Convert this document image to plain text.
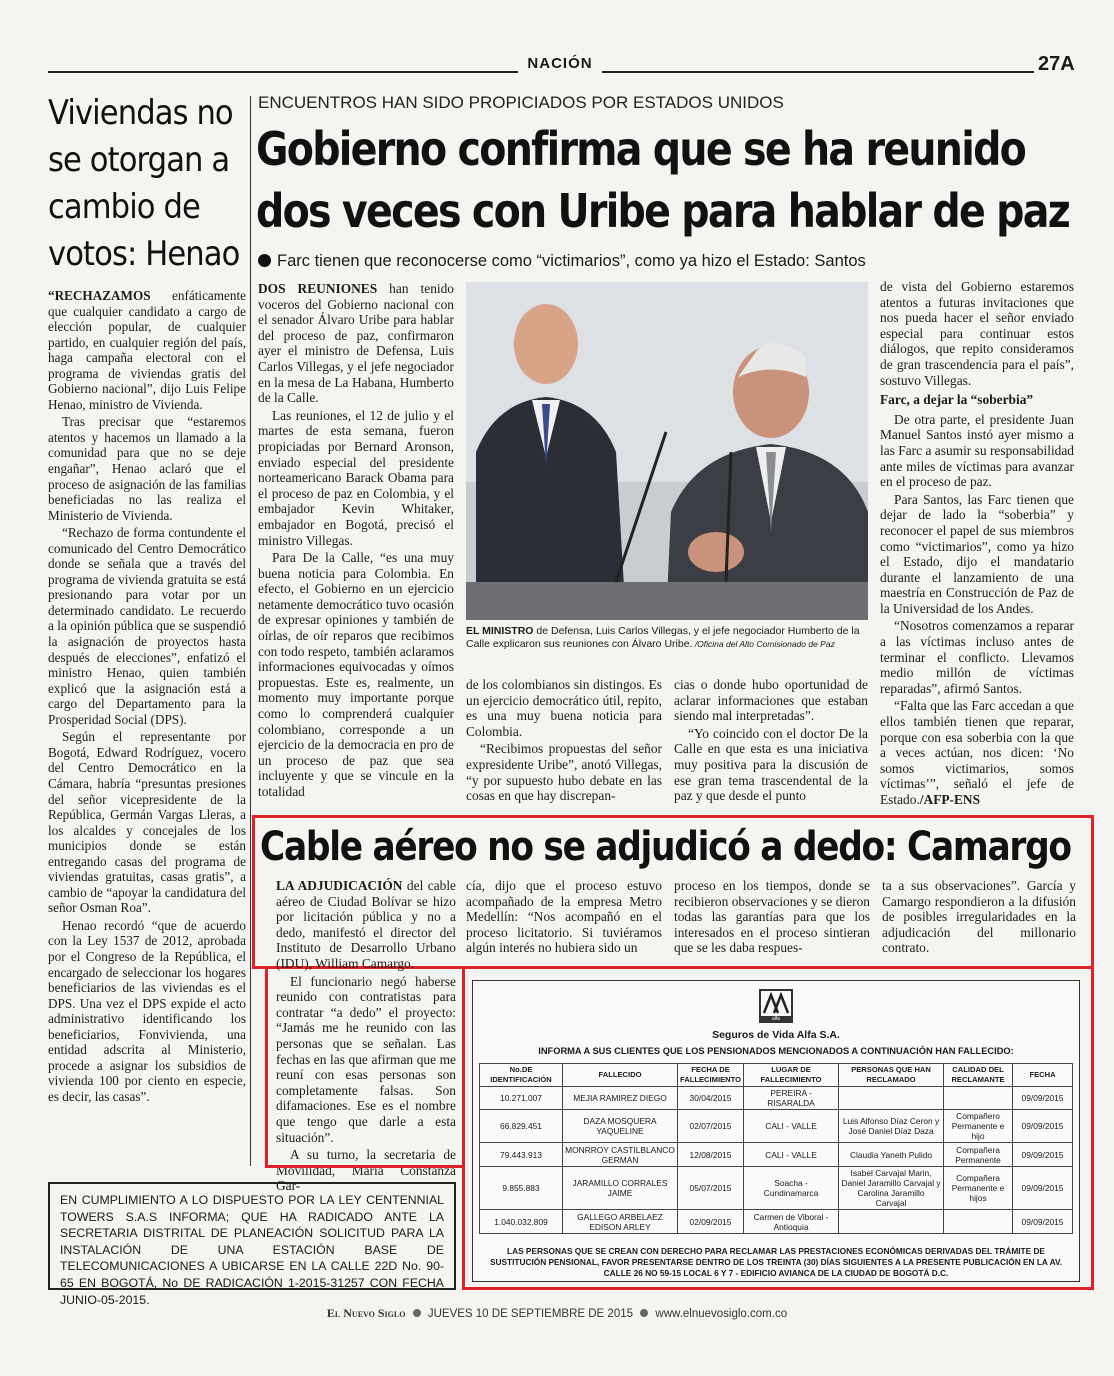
NACIÓN	27A
Viviendas no se otorgan a cambio de votos: Henao

“RECHAZAMOS enfáticamente que cualquier candidato a cargo de elección popular, de cualquier partido, en cualquier región del país, haga campaña electoral con el programa de viviendas gratis del Gobierno nacional”, dijo Luis Felipe Henao, ministro de Vivienda.

Tras precisar que “estaremos atentos y hacemos un llamado a la comunidad para que no se deje engañar”, Henao aclaró que el proceso de asignación de las familias beneficiadas no las realiza el Ministerio de Vivienda.

“Rechazo de forma contundente el comunicado del Centro Democrático donde se señala que a través del programa de vivienda gratuita se está presionando para votar por un determinado candidato. Le recuerdo a la opinión pública que se suspendió la asignación de proyectos hasta después de elecciones”, enfatizó el ministro Henao, quien también explicó que la asignación está a cargo del Departamento para la Prosperidad Social (DPS).

Según el representante por Bogotá, Edward Rodríguez, vocero del Centro Democrático en la Cámara, habría “presuntas presiones del señor vicepresidente de la República, Germán Vargas Lleras, a los alcaldes y concejales de los municipios donde se están entregando casas del programa de viviendas gratuitas, casas gratis”, a cambio de “apoyar la candidatura del señor Osman Roa”.

Henao recordó “que de acuerdo con la Ley 1537 de 2012, aprobada por el Congreso de la República, el encargado de seleccionar los hogares beneficiarios de las viviendas es el DPS. Una vez el DPS expide el acto administrativo identificando los beneficiarios, Fonvivienda, una entidad adscrita al Ministerio, procede a asignar los subsidios de vivienda 100 por ciento en especie, es decir, las casas”.

ENCUENTROS HAN SIDO PROPICIADOS POR ESTADOS UNIDOS
Gobierno confirma que se ha reunido
dos veces con Uribe para hablar de paz
Farc tienen que reconocerse como “victimarios”, como ya hizo el Estado: Santos

DOS REUNIONES han tenido voceros del Gobierno nacional con el senador Álvaro Uribe para hablar del proceso de paz, confirmaron ayer el ministro de Defensa, Luis Carlos Villegas, y el jefe negociador en la mesa de La Habana, Humberto de la Calle.

Las reuniones, el 12 de julio y el martes de esta semana, fueron propiciadas por Bernard Aronson, enviado especial del presidente norteamericano Barack Obama para el proceso de paz en Colombia, y el embajador Kevin Whitaker, embajador en Bogotá, precisó el ministro Villegas.

Para De la Calle, “es una muy buena noticia para Colombia. En efecto, el Gobierno en un ejercicio netamente democrático tuvo ocasión de expresar opiniones y también de oírlas, de oír reparos que recibimos con todo respeto, también aclaramos informaciones equivocadas y oímos propuestas. Este es, realmente, un momento muy importante porque como lo comprenderá cualquier colombiano, corresponde a un ejercicio de la democracia en pro de un proceso de paz que sea incluyente y que se vincule en la totalidad

EL MINISTRO de Defensa, Luis Carlos Villegas, y el jefe negociador Humberto de la Calle explicaron sus reuniones con Álvaro Uribe. /Oficina del Alto Comisionado de Paz

de los colombianos sin distingos. Es un ejercicio democrático útil, repito, es una muy buena noticia para Colombia.

“Recibimos propuestas del señor expresidente Uribe”, anotó Villegas, “y por supuesto hubo debate en las cosas en que hay discrepan-

cias o donde hubo oportunidad de aclarar informaciones que estaban siendo mal interpretadas”.

“Yo coincido con el doctor De la Calle en que esta es una iniciativa muy positiva para la discusión de ese gran tema trascendental de la paz y que desde el punto

de vista del Gobierno estaremos atentos a futuras invitaciones que nos pueda hacer el señor enviado especial para continuar estos diálogos, que repito consideramos de gran trascendencia para el país”, sostuvo Villegas.

Farc, a dejar la “soberbia”

De otra parte, el presidente Juan Manuel Santos instó ayer mismo a las Farc a asumir su responsabilidad ante miles de víctimas para avanzar en el proceso de paz.

Para Santos, las Farc tienen que dejar de lado la “soberbia” y reconocer el papel de sus miembros como “victimarios”, como ya hizo el Estado, dijo el mandatario durante el lanzamiento de una maestría en Construcción de Paz de la Universidad de los Andes.

“Nosotros comenzamos a reparar a las víctimas incluso antes de terminar el conflicto. Llevamos medio millón de víctimas reparadas”, afirmó Santos.

“Falta que las Farc accedan a que ellos también tienen que reparar, porque con esa soberbia con la que a veces actúan, nos dicen: ‘No somos victimarios, somos víctimas’”, señaló el jefe de Estado./AFP-ENS

Cable aéreo no se adjudicó a dedo: Camargo

LA ADJUDICACIÓN del cable aéreo de Ciudad Bolívar se hizo por licitación pública y no a dedo, manifestó el director del Instituto de Desarrollo Urbano (IDU), William Camargo.

El funcionario negó haberse reunido con contratistas para contratar “a dedo” el proyecto: “Jamás me he reunido con las personas que se señalan. Las fechas en las que afirman que me reuní con esas personas son completamente falsas. Son difamaciones. Ese es el nombre que tengo que darle a esta situación”.

A su turno, la secretaria de Movilidad, María Constanza Gar-

cía, dijo que el proceso estuvo acompañado de la empresa Metro Medellín: “Nos acompañó en el proceso licitatorio. Si tuviéramos algún interés no hubiera sido un

proceso en los tiempos, donde se recibieron observaciones y se dieron todas las garantías para que los interesados en el proceso sintieran que se les daba respues-

ta a sus observaciones”. García y Camargo respondieron a la difusión de posibles irregularidades en la adjudicación del millonario contrato.

EN CUMPLIMIENTO A LO DISPUESTO POR LA LEY CENTENNIAL TOWERS S.A.S INFORMA; QUE HA RADICADO ANTE LA SECRETARIA DISTRITAL DE PLANEACIÓN SOLICITUD PARA LA INSTALACIÓN DE UNA ESTACIÓN BASE DE TELECOMUNICACIONES A UBICARSE EN LA CALLE 22D No. 90-65 EN BOGOTÁ, No DE RADICACIÓN 1-2015-31257 CON FECHA JUNIO-05-2015.
alfa
Seguros de Vida Alfa S.A.
INFORMA A SUS CLIENTES QUE LOS PENSIONADOS MENCIONADOS A CONTINUACIÓN HAN FALLECIDO:
No.DE IDENTIFICACIÓN	FALLECIDO	FECHA DE FALLECIMIENTO	LUGAR DE FALLECIMIENTO	PERSONAS QUE HAN RECLAMADO	CALIDAD DEL RECLAMANTE	FECHA
10.271.007	MEJIA RAMIREZ DIEGO	30/04/2015	PEREIRA - RISARALDA			09/09/2015
66.829.451	DAZA MOSQUERA YAQUELINE	02/07/2015	CALI - VALLE	Luis Alfonso Díaz Ceron y José Daniel Díaz Daza	Compañero Permanente e hijo	09/09/2015
79.443.913	MONRROY CASTILBLANCO GERMAN	12/08/2015	CALI - VALLE	Claudia Yaneth Pulido	Compañera Permanente	09/09/2015
9.855.883	JARAMILLO CORRALES JAIME	05/07/2015	Soacha - Cundinamarca	Isabel Carvajal Marin, Daniel Jaramillo Carvajal y Carolina Jaramillo Carvajal	Compañera Permanente e hijos	09/09/2015
1.040.032.809	GALLEGO ARBELAEZ EDISON ARLEY	02/09/2015	Carmen de Viboral - Antioquia			09/09/2015
LAS PERSONAS QUE SE CREAN CON DERECHO PARA RECLAMAR LAS PRESTACIONES ECONÓMICAS DERIVADAS DEL TRÁMITE DE SUSTITUCIÓN PENSIONAL, FAVOR PRESENTARSE DENTRO DE LOS TREINTA (30) DÍAS SIGUIENTES A LA PRESENTE PUBLICACIÓN EN LA AV. CALLE 26 NO 59-15 LOCAL 6 Y 7 - EDIFICIO AVIANCA DE LA CIUDAD DE BOGOTÁ D.C.
El Nuevo Siglo JUEVES 10 DE SEPTIEMBRE DE 2015 www.elnuevosiglo.com.co
